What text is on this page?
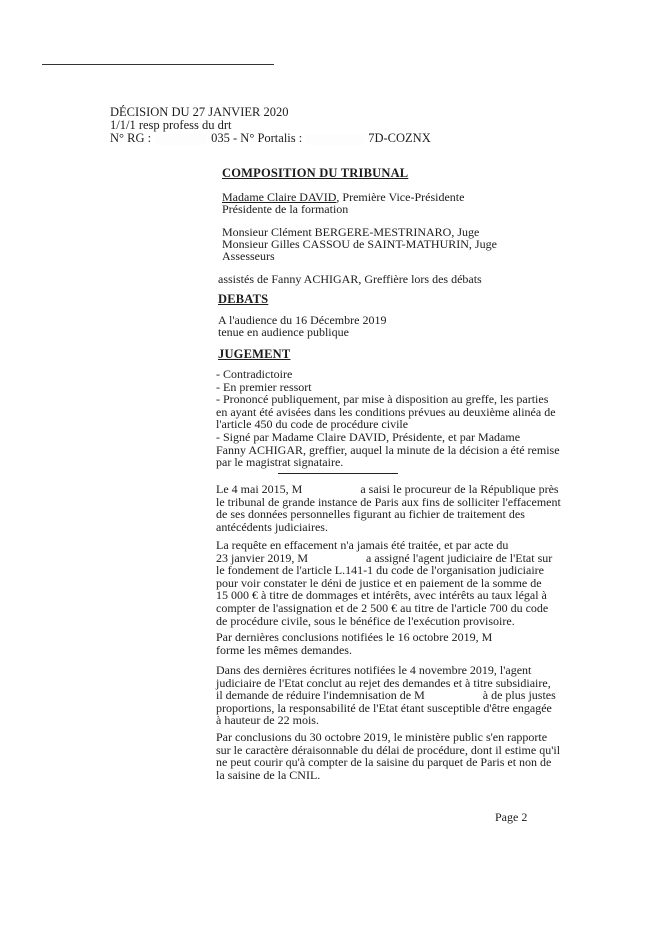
DÉCISION DU 27 JANVIER 2020
1/1/1 resp profess du drt
N° RG :	035 - N° Portalis :	7D-COZNX
COMPOSITION DU TRIBUNAL
Madame Claire DAVID, Première Vice-Présidente
Présidente de la formation
Monsieur Clément BERGERE-MESTRINARO, Juge
Monsieur Gilles CASSOU de SAINT-MATHURIN, Juge
Assesseurs
assistés de Fanny ACHIGAR, Greffière lors des débats
DEBATS
A l'audience du 16 Décembre 2019
tenue en audience publique
JUGEMENT
- Contradictoire
- En premier ressort
- Prononcé publiquement, par mise à disposition au greffe, les parties
en ayant été avisées dans les conditions prévues au deuxième alinéa de
l'article 450 du code de procédure civile
- Signé par Madame Claire DAVID, Présidente, et par Madame
Fanny ACHIGAR, greffier, auquel la minute de la décision a été remise
par le magistrat signataire.
Le 4 mai 2015, M	a saisi le procureur de la République près
le tribunal de grande instance de Paris aux fins de solliciter l'effacement
de ses données personnelles figurant au fichier de traitement des
antécédents judiciaires.
La requête en effacement n'a jamais été traitée, et par acte du
23 janvier 2019, M	a assigné l'agent judiciaire de l'Etat sur
le fondement de l'article L.141-1 du code de l'organisation judiciaire
pour voir constater le déni de justice et en paiement de la somme de
15 000 € à titre de dommages et intérêts, avec intérêts au taux légal à
compter de l'assignation et de 2 500 € au titre de l'article 700 du code
de procédure civile, sous le bénéfice de l'exécution provisoire.
Par dernières conclusions notifiées le 16 octobre 2019, M
forme les mêmes demandes.
Dans des dernières écritures notifiées le 4 novembre 2019, l'agent
judiciaire de l'Etat conclut au rejet des demandes et à titre subsidiaire,
il demande de réduire l'indemnisation de M	à de plus justes
proportions, la responsabilité de l'Etat étant susceptible d'être engagée
à hauteur de 22 mois.
Par conclusions du 30 octobre 2019, le ministère public s'en rapporte
sur le caractère déraisonnable du délai de procédure, dont il estime qu'il
ne peut courir qu'à compter de la saisine du parquet de Paris et non de
la saisine de la CNIL.
Page 2
